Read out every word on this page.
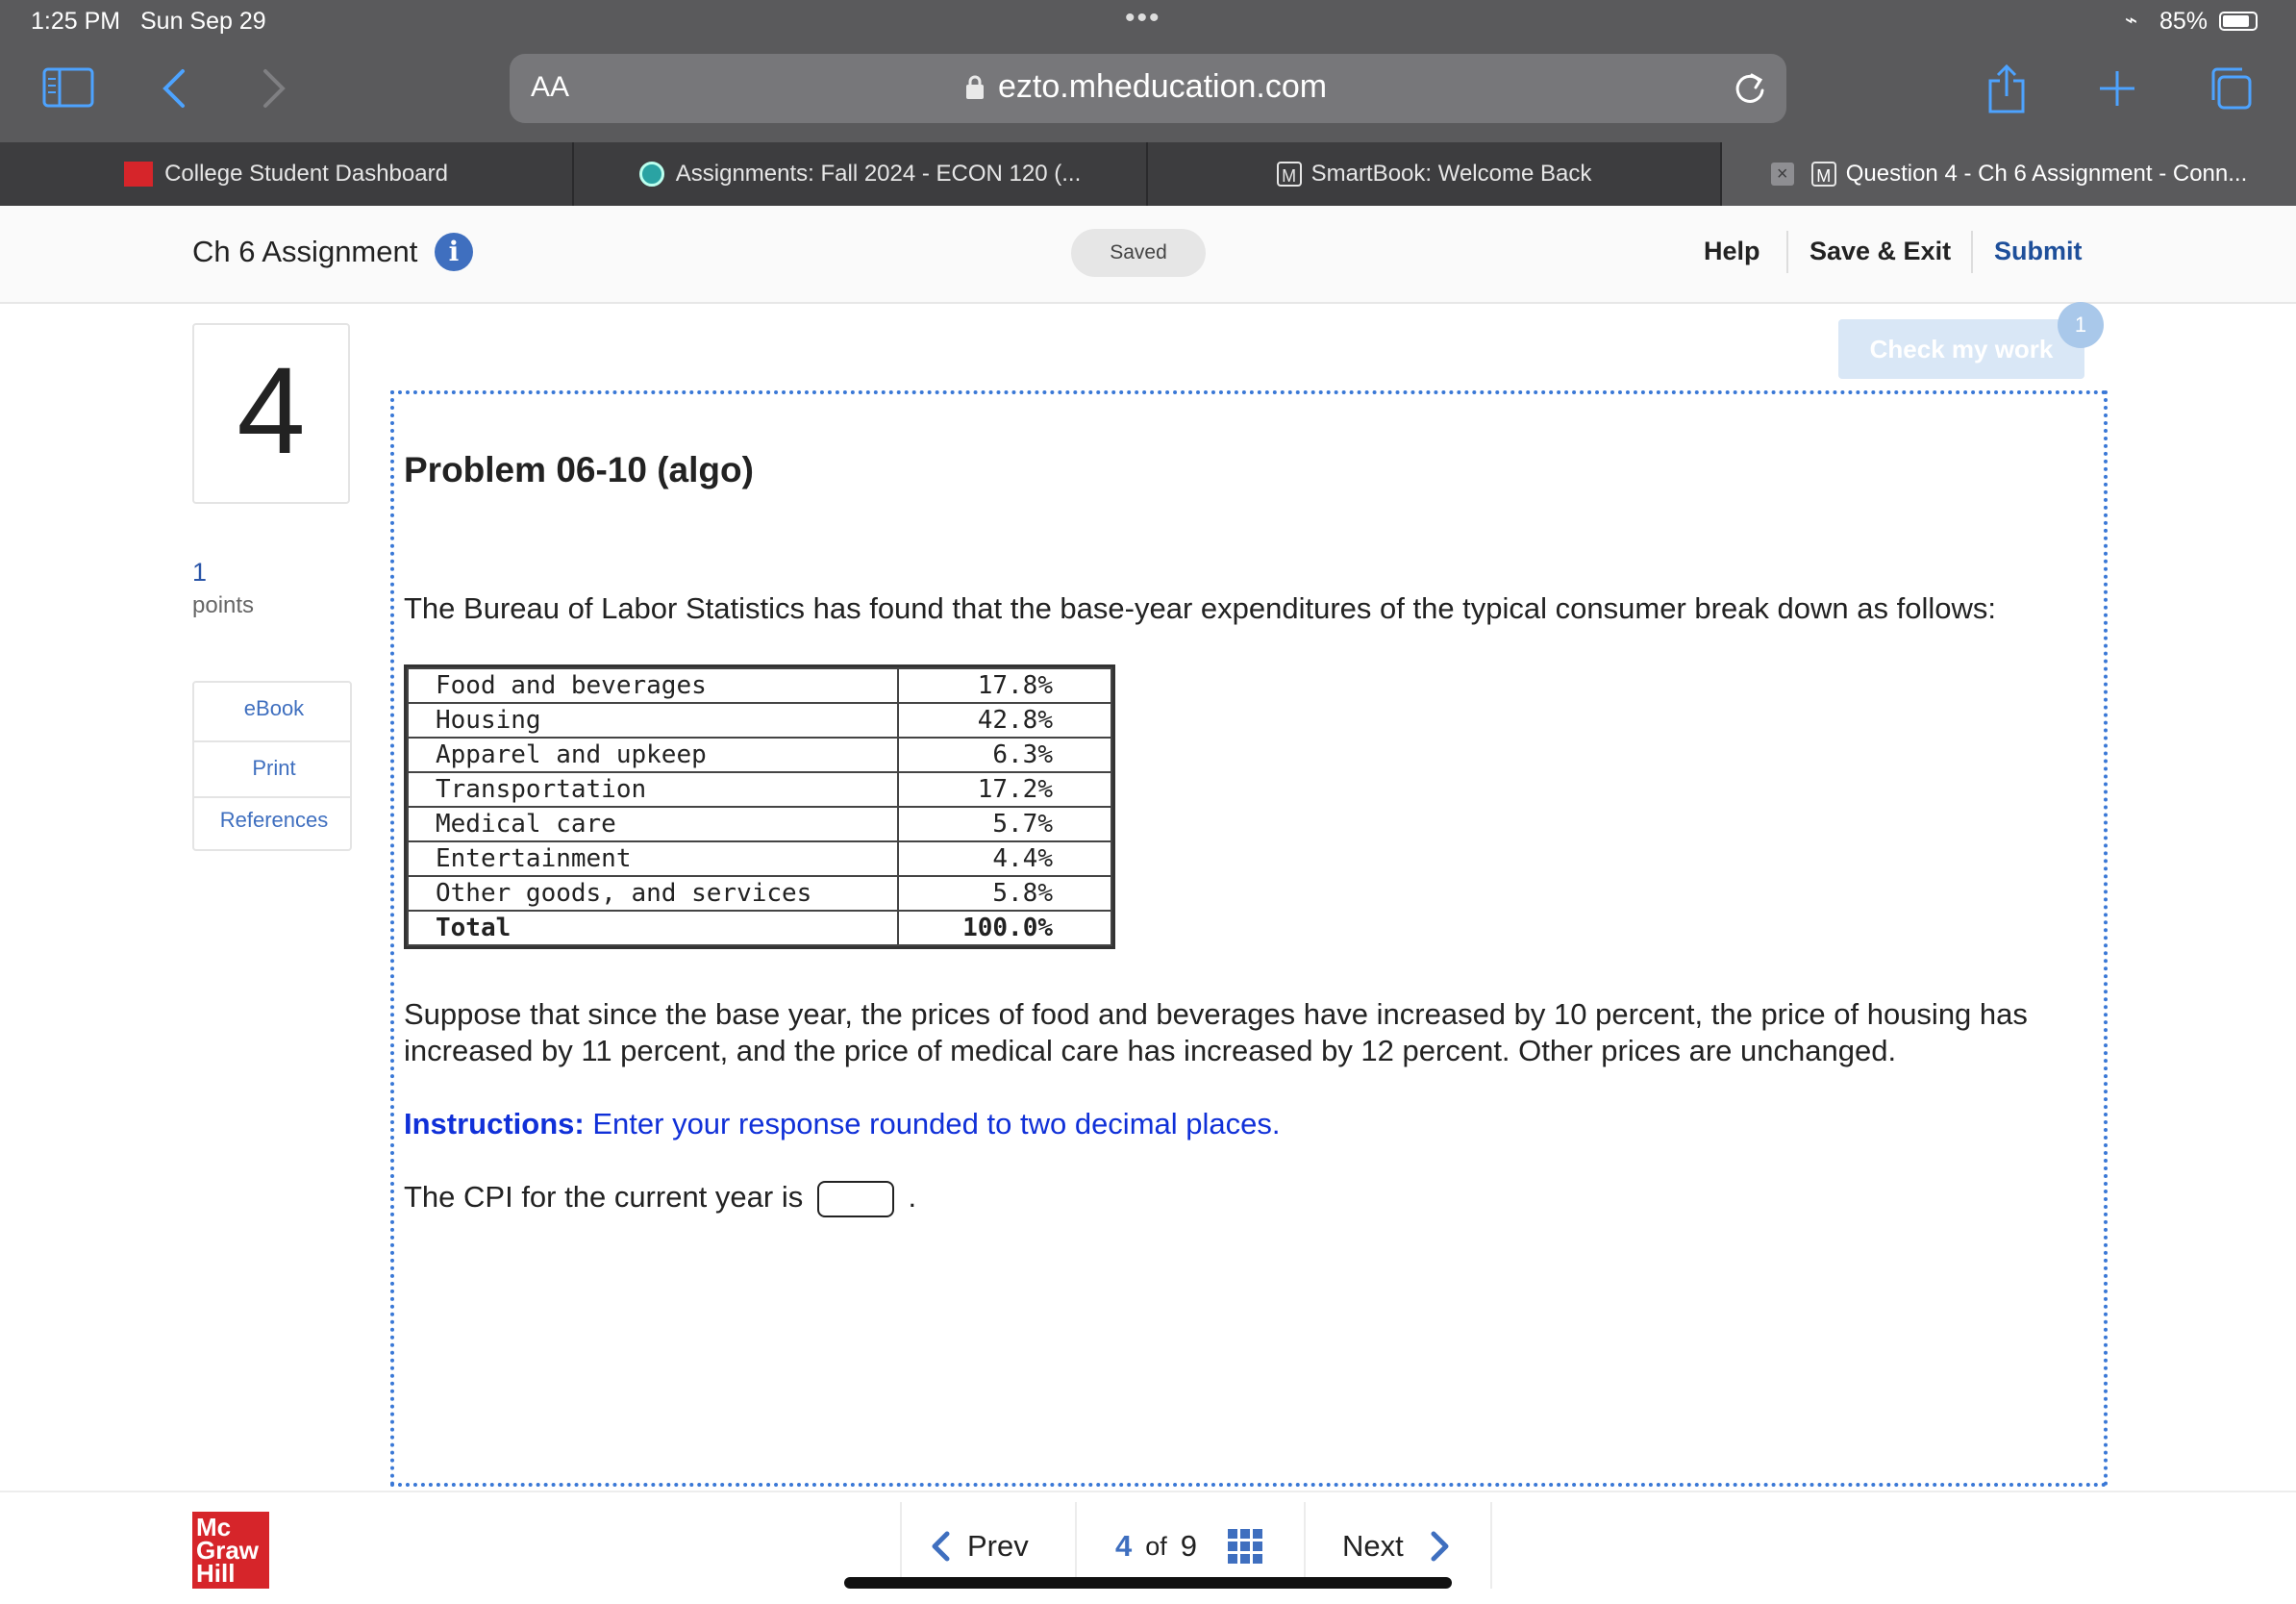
1:25 PM Sun Sep 29	•••	⌁ 85%
AA	ezto.mheducation.com
College Student Dashboard	Assignments: Fall 2024 - ECON 120 (...	M SmartBook: Welcome Back	×	M Question 4 - Ch 6 Assignment - Conn...
Ch 6 Assignment	i	Saved	Help Save & Exit Submit
Check my work
1
4
1
points
eBook
Print
References
Problem 06-10 (algo)
The Bureau of Labor Statistics has found that the base-year expenditures of the typical consumer break down as follows:
Food and beverages	17.8%
Housing	42.8%
Apparel and upkeep	6.3%
Transportation	17.2%
Medical care	5.7%
Entertainment	4.4%
Other goods, and services	5.8%
Total	100.0%
Suppose that since the base year, the prices of food and beverages have increased by 10 percent, the price of housing has increased by 11 percent, and the price of medical care has increased by 12 percent. Other prices are unchanged.
Instructions: Enter your response rounded to two decimal places.
The CPI for the current year is	.
Mc
Graw
Hill
Prev	4 of 9	Next
